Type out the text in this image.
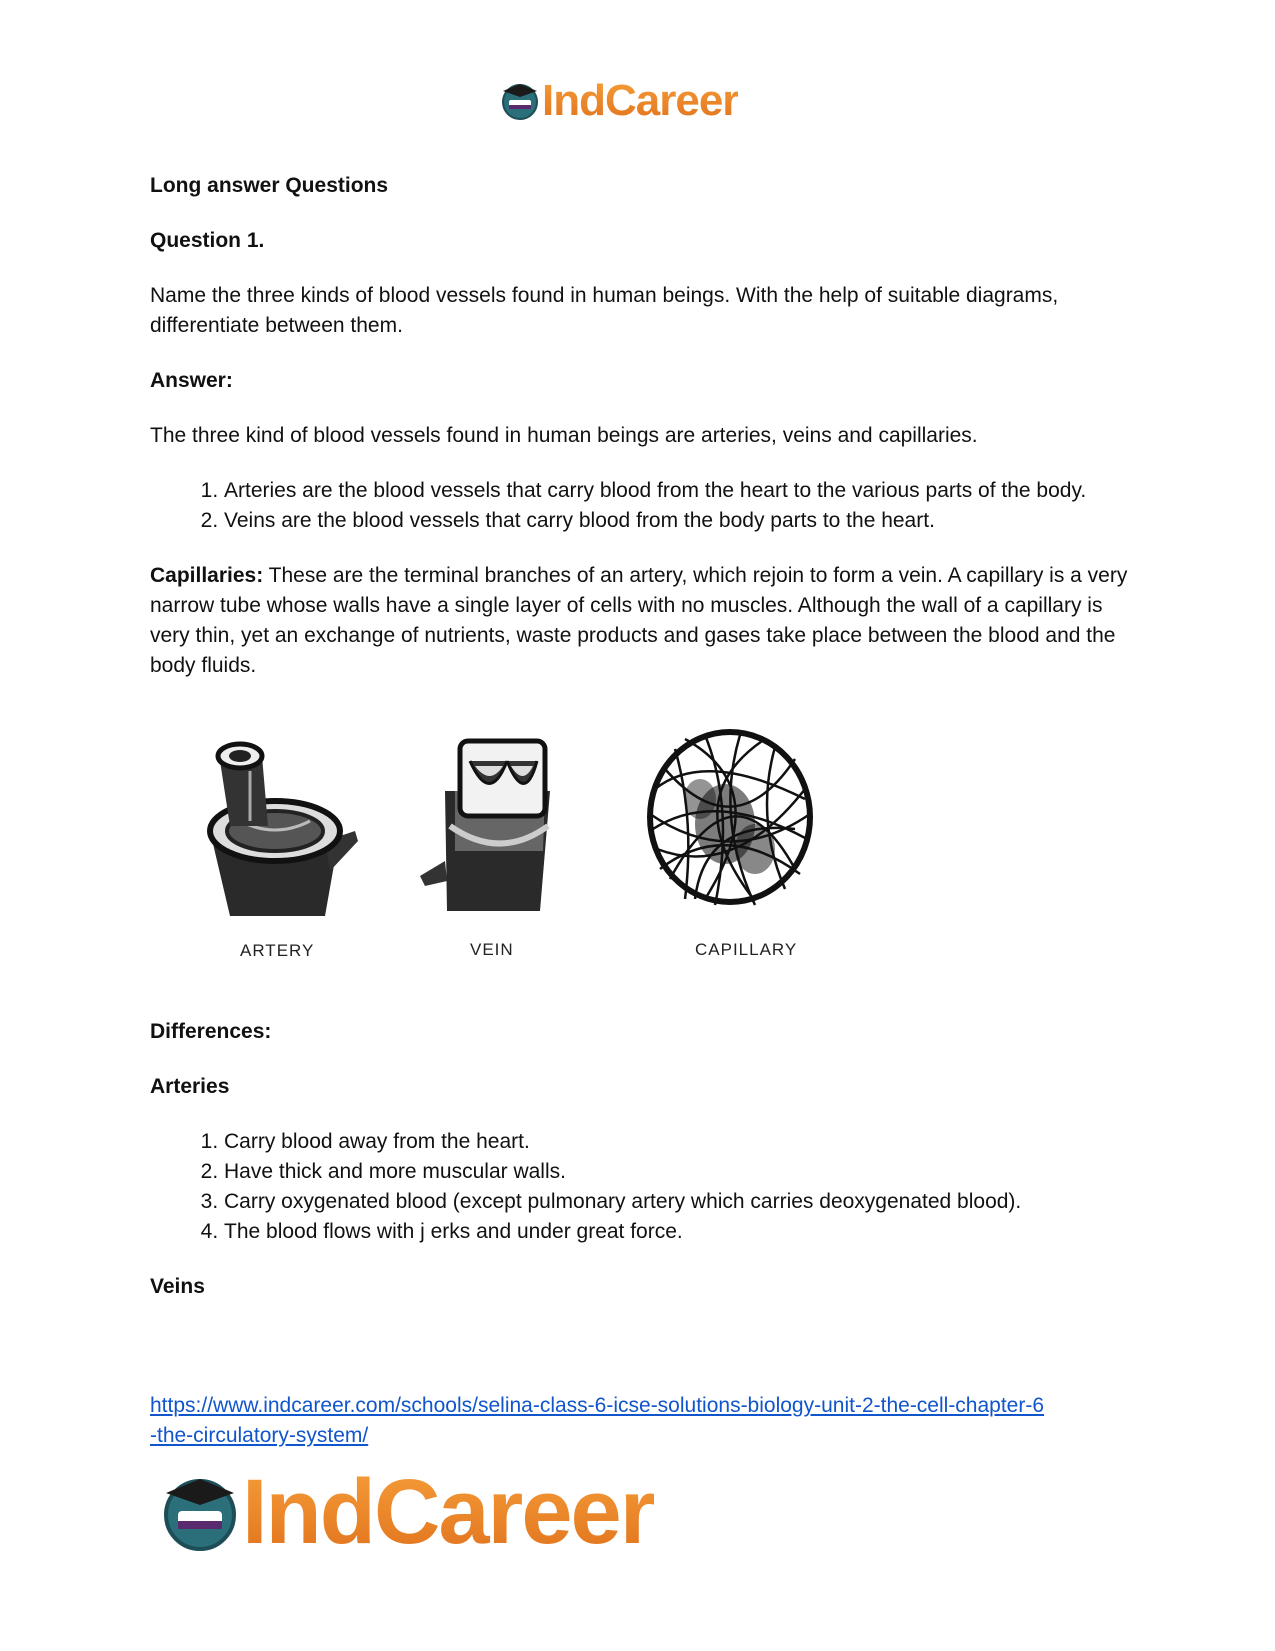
IndCareer

Long answer Questions

Question 1.

Name the three kinds of blood vessels found in human beings. With the help of suitable diagrams, differentiate between them.

Answer:

The three kind of blood vessels found in human beings are arteries, veins and capillaries.

1. Arteries are the blood vessels that carry blood from the heart to the various parts of the body.
2. Veins are the blood vessels that carry blood from the body parts to the heart.

Capillaries: These are the terminal branches of an artery, which rejoin to form a vein. A capillary is a very narrow tube whose walls have a single layer of cells with no muscles. Although the wall of a capillary is very thin, yet an exchange of nutrients, waste products and gases take place between the blood and the body fluids.

ARTERY	VEIN	CAPILLARY

Differences:

Arteries

1. Carry blood away from the heart.
2. Have thick and more muscular walls.
3. Carry oxygenated blood (except pulmonary artery which carries deoxygenated blood).
4. The blood flows with j erks and under great force.

Veins

https://www.indcareer.com/schools/selina-class-6-icse-solutions-biology-unit-2-the-cell-chapter-6
-the-circulatory-system/
IndCareer
